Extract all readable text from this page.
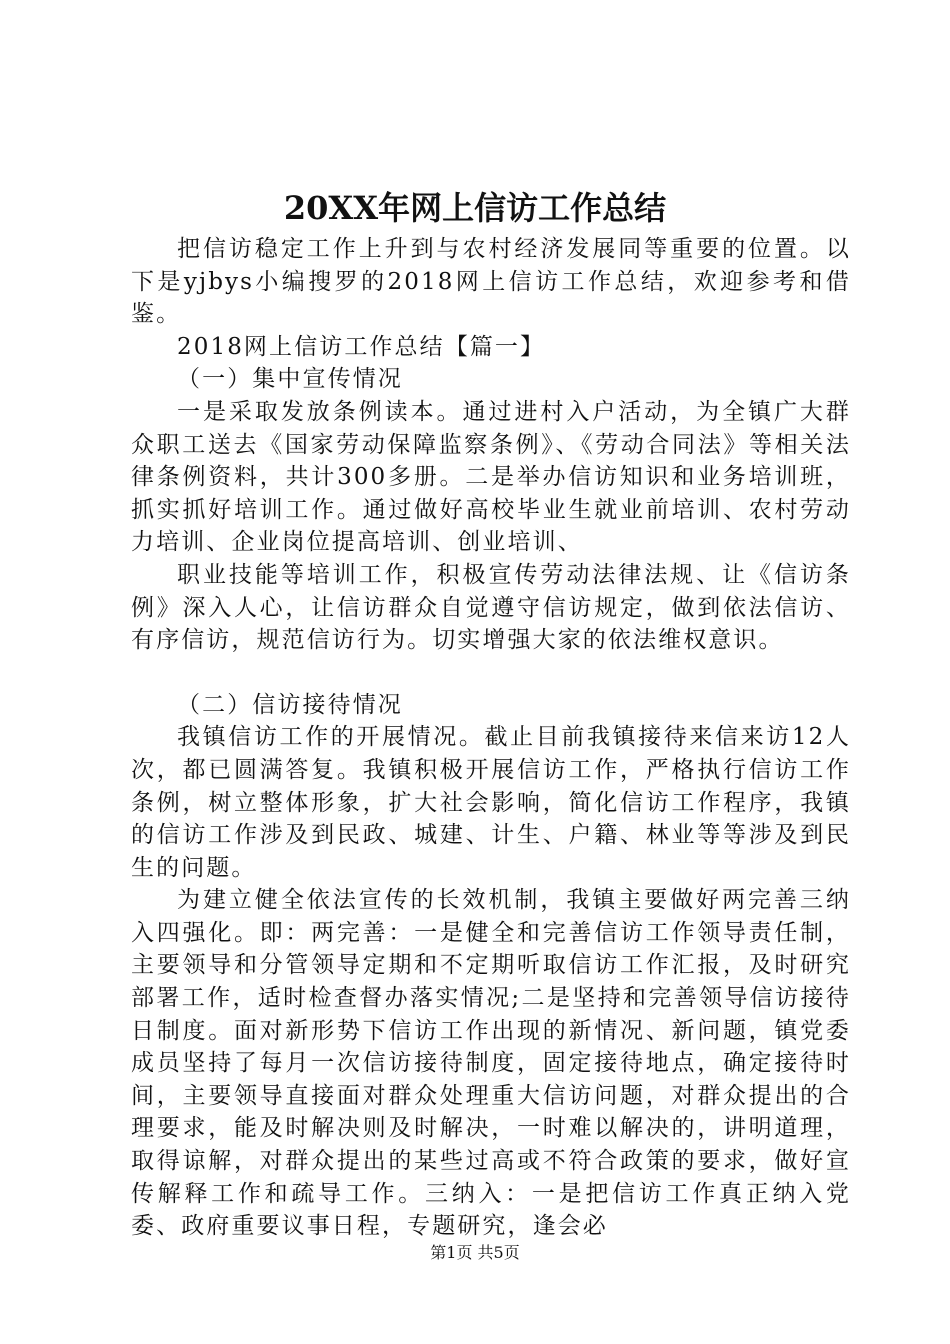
20XX年网上信访工作总结

把信访稳定工作上升到与农村经济发展同等重要的位置。以下是yjbys小编搜罗的2018网上信访工作总结，欢迎参考和借鉴。

2018网上信访工作总结【篇一】

（一）集中宣传情况

一是采取发放条例读本。通过进村入户活动，为全镇广大群众职工送去《国家劳动保障监察条例》、《劳动合同法》等相关法律条例资料，共计300多册。二是举办信访知识和业务培训班，抓实抓好培训工作。通过做好高校毕业生就业前培训、农村劳动力培训、企业岗位提高培训、创业培训、

职业技能等培训工作，积极宣传劳动法律法规、让《信访条例》深入人心，让信访群众自觉遵守信访规定，做到依法信访、有序信访，规范信访行为。切实增强大家的依法维权意识。

（二）信访接待情况

我镇信访工作的开展情况。截止目前我镇接待来信来访12人次，都已圆满答复。我镇积极开展信访工作，严格执行信访工作条例，树立整体形象，扩大社会影响，简化信访工作程序，我镇的信访工作涉及到民政、城建、计生、户籍、林业等等涉及到民生的问题。

为建立健全依法宣传的长效机制，我镇主要做好两完善三纳入四强化。即：两完善：一是健全和完善信访工作领导责任制，主要领导和分管领导定期和不定期听取信访工作汇报，及时研究部署工作，适时检查督办落实情况;二是坚持和完善领导信访接待日制度。面对新形势下信访工作出现的新情况、新问题，镇党委成员坚持了每月一次信访接待制度，固定接待地点，确定接待时间，主要领导直接面对群众处理重大信访问题，对群众提出的合理要求，能及时解决则及时解决，一时难以解决的，讲明道理，取得谅解，对群众提出的某些过高或不符合政策的要求，做好宣传解释工作和疏导工作。三纳入：一是把信访工作真正纳入党委、政府重要议事日程，专题研究，逢会必

第1页 共5页
